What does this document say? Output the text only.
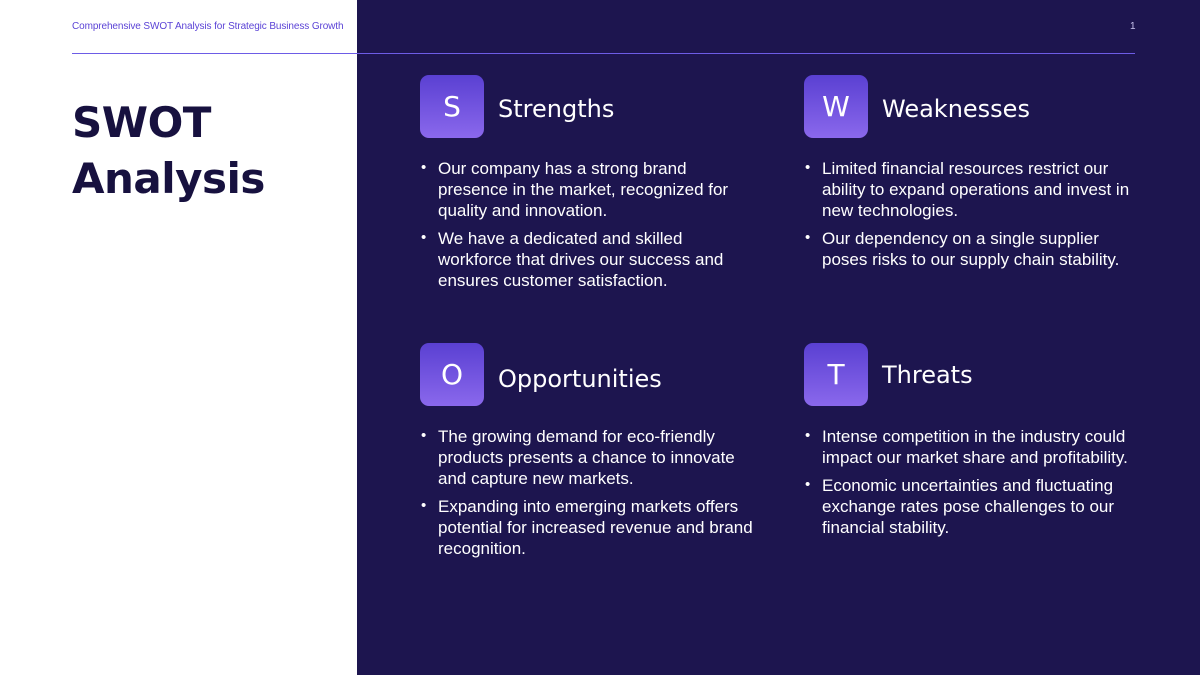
Comprehensive SWOT Analysis for Strategic Business Growth	1
SWOT Analysis
S	Strengths
• Our company has a strong brand presence in the market, recognized for quality and innovation.
• We have a dedicated and skilled workforce that drives our success and ensures customer satisfaction.
W	Weaknesses
• Limited financial resources restrict our ability to expand operations and invest in new technologies.
• Our dependency on a single supplier poses risks to our supply chain stability.
O	Opportunities
• The growing demand for eco-friendly products presents a chance to innovate and capture new markets.
• Expanding into emerging markets offers potential for increased revenue and brand recognition.
T	Threats
• Intense competition in the industry could impact our market share and profitability.
• Economic uncertainties and fluctuating exchange rates pose challenges to our financial stability.
